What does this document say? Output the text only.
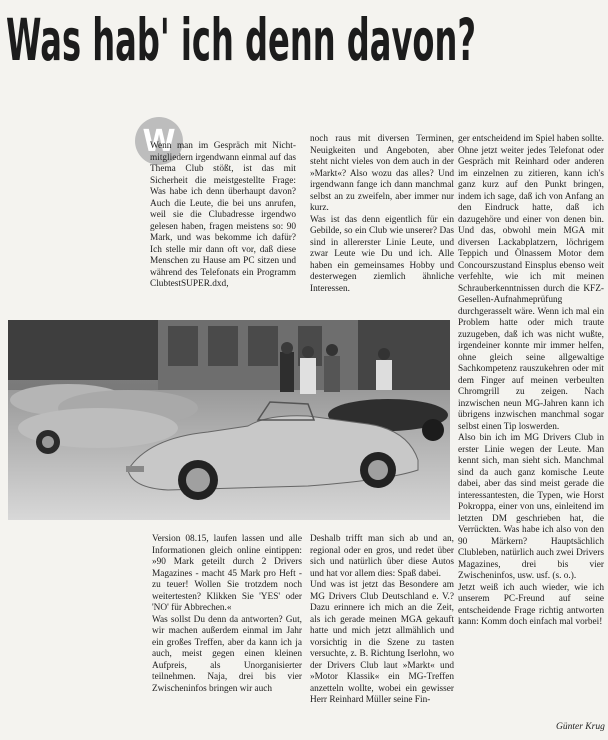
Was hab' ich denn davon?
W

Wenn man im Gespräch mit Nicht-mitgliedern irgendwann einmal auf das Thema Club stößt, ist das mit Sicherheit die meistgestellte Frage: Was habe ich denn überhaupt davon? Auch die Leute, die bei uns anrufen, weil sie die Clubadresse irgendwo gelesen haben, fragen meistens so: 90 Mark, und was bekomme ich dafür? Ich stelle mir dann oft vor, daß diese Menschen zu Hause am PC sitzen und während des Telefonats ein Programm ClubtestSUPER.dxd,

noch raus mit diversen Terminen, Neuigkeiten und Angeboten, aber steht nicht vieles von dem auch in der »Markt«? Also wozu das alles? Und irgendwann fange ich dann manchmal selbst an zu zweifeln, aber immer nur kurz.

Was ist das denn eigentlich für ein Gebilde, so ein Club wie unserer? Das sind in allererster Linie Leute, und zwar Leute wie Du und ich. Alle haben ein gemeinsames Hobby und desterwegen ziemlich ähnliche Interessen.

ger entscheidend im Spiel haben sollte. Ohne jetzt weiter jedes Telefonat oder Gespräch mit Reinhard oder anderen im einzelnen zu zitieren, kann ich's ganz kurz auf den Punkt bringen, indem ich sage, daß ich von Anfang an den Eindruck hatte, daß ich dazugehöre und einer von denen bin. Und das, obwohl mein MGA mit diversen Lackabplatzern, löchrigem Teppich und Ölnassem Motor dem Concourszustand Einsplus ebenso weit verfehlte, wie ich mit meinen Schrauberkenntnissen durch die KFZ-Gesellen-Aufnahmeprüfung durchgerasselt wäre. Wenn ich mal ein Problem hatte oder mich traute zuzugeben, daß ich was nicht wußte, irgendeiner konnte mir immer helfen, ohne gleich seine allgewaltige Sachkompetenz rauszukehren oder mit dem Finger auf meinen verbeulten Chromgrill zu zeigen. Nach inzwischen neun MG-Jahren kann ich übrigens inzwischen manchmal sogar selbst einen Tip loswerden.

Also bin ich im MG Drivers Club in erster Linie wegen der Leute. Man kennt sich, man sieht sich. Manchmal sind da auch ganz komische Leute dabei, aber das sind meist gerade die interessantesten, die Typen, wie Horst Pokroppa, einer von uns, einleitend im letzten DM geschrieben hat, die Verrückten. Was habe ich also von den 90 Märkern? Hauptsächlich Clubleben, natürlich auch zwei Drivers Magazines, drei bis vier Zwischeninfos, usw. usf. (s. o.).

Jetzt weiß ich auch wieder, wie ich unserem PC-Freund auf seine entscheidende Frage richtig antworten kann: Komm doch einfach mal vorbei!

Version 08.15, laufen lassen und alle Informationen gleich online eintippen: »90 Mark geteilt durch 2 Drivers Magazines - macht 45 Mark pro Heft - zu teuer! Wollen Sie trotzdem noch weitertesten? Klikken Sie 'YES' oder 'NO' für Abbrechen.«

Was sollst Du denn da antworten? Gut, wir machen außerdem einmal im Jahr ein großes Treffen, aber da kann ich ja auch, meist gegen einen kleinen Aufpreis, als Unorganisierter teilnehmen. Naja, drei bis vier Zwischeninfos bringen wir auch

Deshalb trifft man sich ab und an, regional oder en gros, und redet über sich und natürlich über diese Autos und hat vor allem dies: Spaß dabei.

Und was ist jetzt das Besondere am MG Drivers Club Deutschland e. V.? Dazu erinnere ich mich an die Zeit, als ich gerade meinen MGA gekauft hatte und mich jetzt allmählich und vorsichtig in die Szene zu tasten versuchte, z. B. Richtung Iserlohn, wo der Drivers Club laut »Markt« und »Motor Klassik« ein MG-Treffen anzetteln wollte, wobei ein gewisser Herr Reinhard Müller seine Fin-

Günter Krug
